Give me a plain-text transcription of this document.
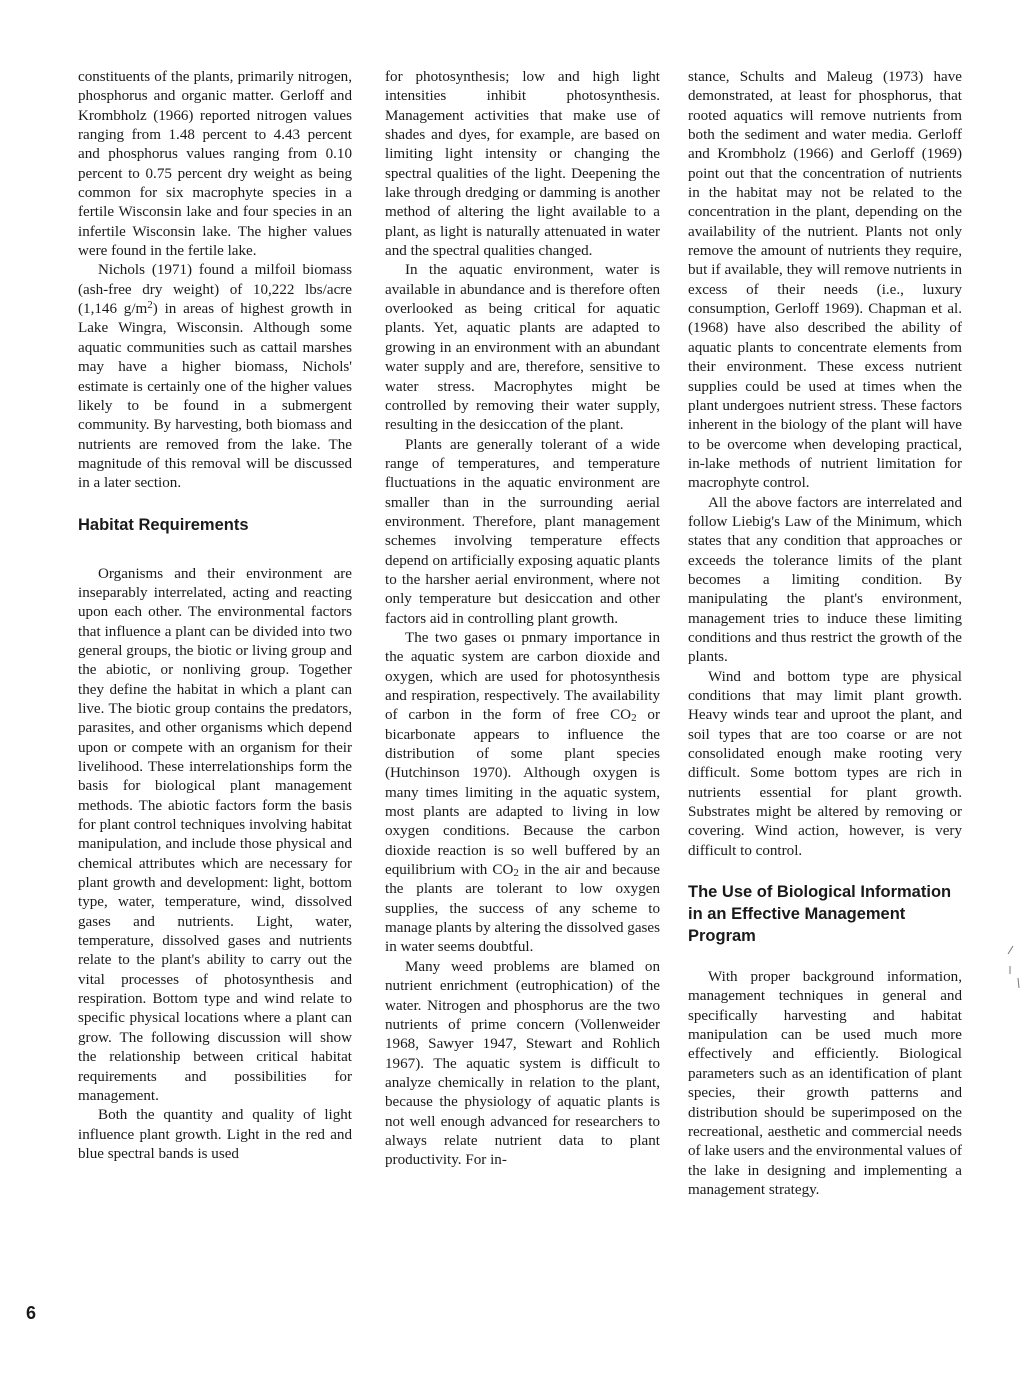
constituents of the plants, primarily nitrogen, phosphorus and organic matter. Gerloff and Krombholz (1966) reported nitrogen values ranging from 1.48 percent to 4.43 percent and phosphorus values ranging from 0.10 percent to 0.75 percent dry weight as being common for six macrophyte species in a fertile Wisconsin lake and four species in an infertile Wisconsin lake. The higher values were found in the fertile lake.

Nichols (1971) found a milfoil biomass (ash-free dry weight) of 10,222 lbs/acre (1,146 $g/m^2$) in areas of highest growth in Lake Wingra, Wisconsin. Although some aquatic communities such as cattail marshes may have a higher biomass, Nichols' estimate is certainly one of the higher values likely to be found in a submergent community. By harvesting, both biomass and nutrients are removed from the lake. The magnitude of this removal will be discussed in a later section.

Habitat Requirements

Organisms and their environment are inseparably interrelated, acting and reacting upon each other. The environmental factors that influence a plant can be divided into two general groups, the biotic or living group and the abiotic, or nonliving group. Together they define the habitat in which a plant can live. The biotic group contains the predators, parasites, and other organisms which depend upon or compete with an organism for their livelihood. These interrelationships form the basis for biological plant management methods. The abiotic factors form the basis for plant control techniques involving habitat manipulation, and include those physical and chemical attributes which are necessary for plant growth and development: light, bottom type, water, temperature, wind, dissolved gases and nutrients. Light, water, temperature, dissolved gases and nutrients relate to the plant's ability to carry out the vital processes of photosynthesis and respiration. Bottom type and wind relate to specific physical locations where a plant can grow. The following discussion will show the relationship between critical habitat requirements and possibilities for management.

Both the quantity and quality of light influence plant growth. Light in the red and blue spectral bands is used

for photosynthesis; low and high light intensities inhibit photosynthesis. Management activities that make use of shades and dyes, for example, are based on limiting light intensity or changing the spectral qualities of the light. Deepening the lake through dredging or damming is another method of altering the light available to a plant, as light is naturally attenuated in water and the spectral qualities changed.

In the aquatic environment, water is available in abundance and is therefore often overlooked as being critical for aquatic plants. Yet, aquatic plants are adapted to growing in an environment with an abundant water supply and are, therefore, sensitive to water stress. Macrophytes might be controlled by removing their water supply, resulting in the desiccation of the plant.

Plants are generally tolerant of a wide range of temperatures, and temperature fluctuations in the aquatic environment are smaller than in the surrounding aerial environment. Therefore, plant management schemes involving temperature effects depend on artificially exposing aquatic plants to the harsher aerial environment, where not only temperature but desiccation and other factors aid in controlling plant growth.

The two gases oı pnmary importance in the aquatic system are carbon dioxide and oxygen, which are used for photosynthesis and respiration, respectively. The availability of carbon in the form of free $CO_2$ or bicarbonate appears to influence the distribution of some plant species (Hutchinson 1970). Although oxygen is many times limiting in the aquatic system, most plants are adapted to living in low oxygen conditions. Because the carbon dioxide reaction is so well buffered by an equilibrium with $CO_2$ in the air and because the plants are tolerant to low oxygen supplies, the success of any scheme to manage plants by altering the dissolved gases in water seems doubtful.

Many weed problems are blamed on nutrient enrichment (eutrophication) of the water. Nitrogen and phosphorus are the two nutrients of prime concern (Vollenweider 1968, Sawyer 1947, Stewart and Rohlich 1967). The aquatic system is difficult to analyze chemically in relation to the plant, because the physiology of aquatic plants is not well enough advanced for researchers to always relate nutrient data to plant productivity. For in-

stance, Schults and Maleug (1973) have demonstrated, at least for phosphorus, that rooted aquatics will remove nutrients from both the sediment and water media. Gerloff and Krombholz (1966) and Gerloff (1969) point out that the concentration of nutrients in the habitat may not be related to the concentration in the plant, depending on the availability of the nutrient. Plants not only remove the amount of nutrients they require, but if available, they will remove nutrients in excess of their needs (i.e., luxury consumption, Gerloff 1969). Chapman et al. (1968) have also described the ability of aquatic plants to concentrate elements from their environment. These excess nutrient supplies could be used at times when the plant undergoes nutrient stress. These factors inherent in the biology of the plant will have to be overcome when developing practical, in-lake methods of nutrient limitation for macrophyte control.

All the above factors are interrelated and follow Liebig's Law of the Minimum, which states that any condition that approaches or exceeds the tolerance limits of the plant becomes a limiting condition. By manipulating the plant's environment, management tries to induce these limiting conditions and thus restrict the growth of the plants.

Wind and bottom type are physical conditions that may limit plant growth. Heavy winds tear and uproot the plant, and soil types that are too coarse or are not consolidated enough make rooting very difficult. Some bottom types are rich in nutrients essential for plant growth. Substrates might be altered by removing or covering. Wind action, however, is very difficult to control.

The Use of Biological Information in an Effective Management Program

With proper background information, management techniques in general and specifically harvesting and habitat manipulation can be used much more effectively and efficiently. Biological parameters such as an identification of plant species, their growth patterns and distribution should be superimposed on the recreational, aesthetic and commercial needs of lake users and the environmental values of the lake in designing and implementing a management strategy.

6
